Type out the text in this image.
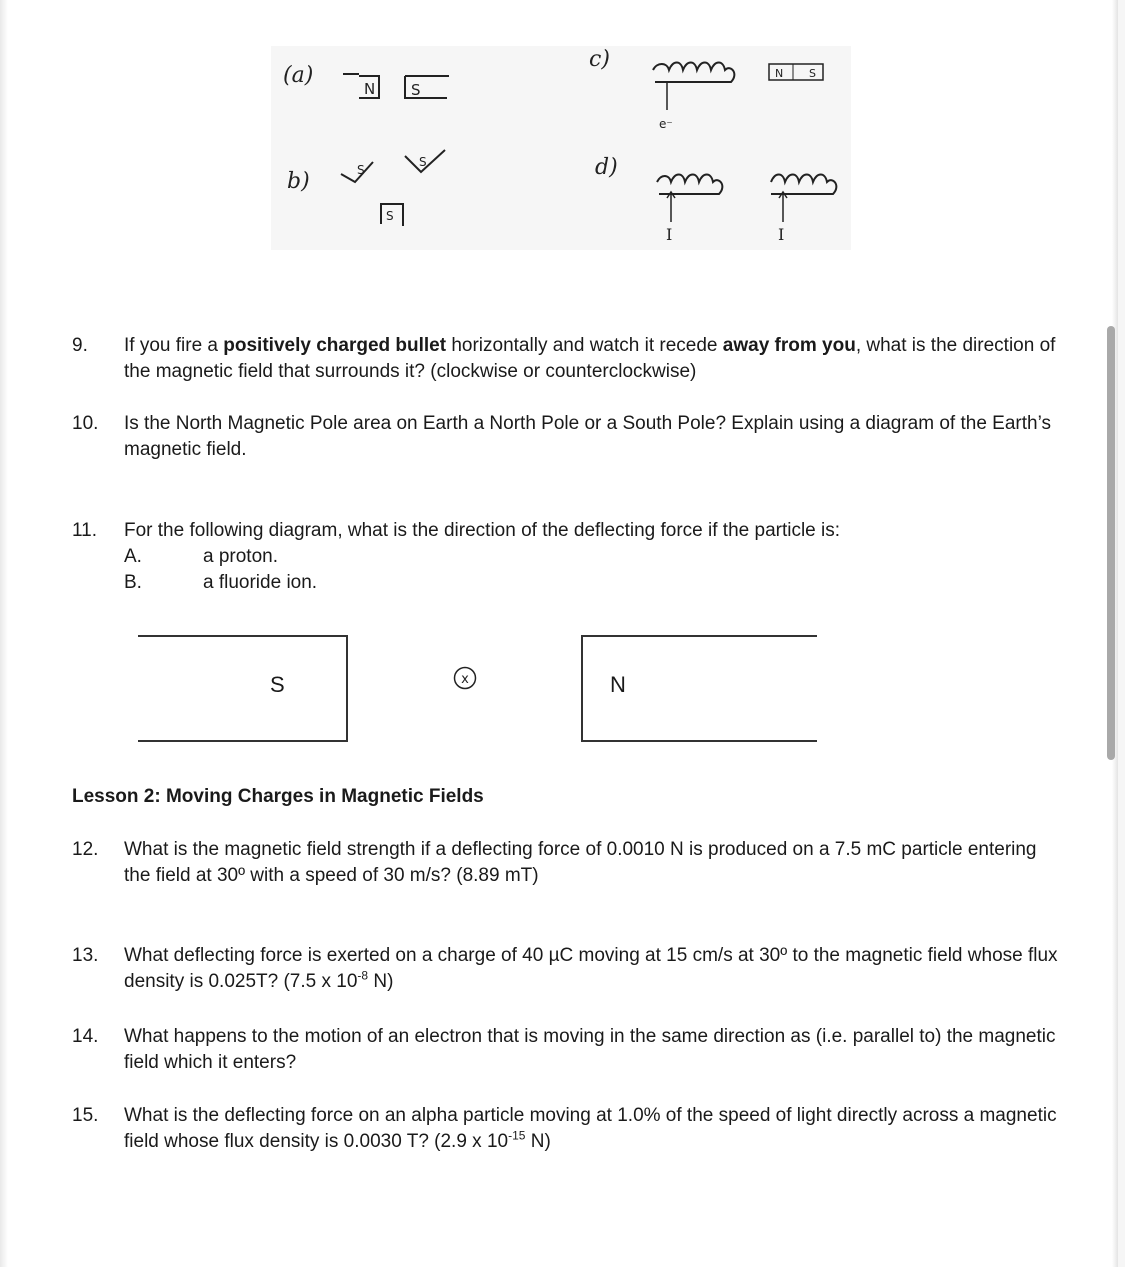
(a)
N S
b)	S
S
S
c)
e⁻
N S
d)
I	I
9. If you fire a positively charged bullet horizontally and watch it recede away from you, what is the direction of the magnetic field that surrounds it? (clockwise or counterclockwise)
10. Is the North Magnetic Pole area on Earth a North Pole or a South Pole? Explain using a diagram of the Earth’s magnetic field.
11. For the following diagram, what is the direction of the deflecting force if the particle is:
A.	a proton.
B.	a fluoride ion.
S	x	N
Lesson 2: Moving Charges in Magnetic Fields
12. What is the magnetic field strength if a deflecting force of 0.0010 N is produced on a 7.5 mC particle entering the field at 30º with a speed of 30 m/s? (8.89 mT)
13. What deflecting force is exerted on a charge of 40 µC moving at 15 cm/s at 30º to the magnetic field whose flux density is 0.025T? (7.5 x $10^{-8}$ N)
14. What happens to the motion of an electron that is moving in the same direction as (i.e. parallel to) the magnetic field which it enters?
15. What is the deflecting force on an alpha particle moving at 1.0% of the speed of light directly across a magnetic field whose flux density is 0.0030 T? (2.9 x $10^{-15}$ N)
